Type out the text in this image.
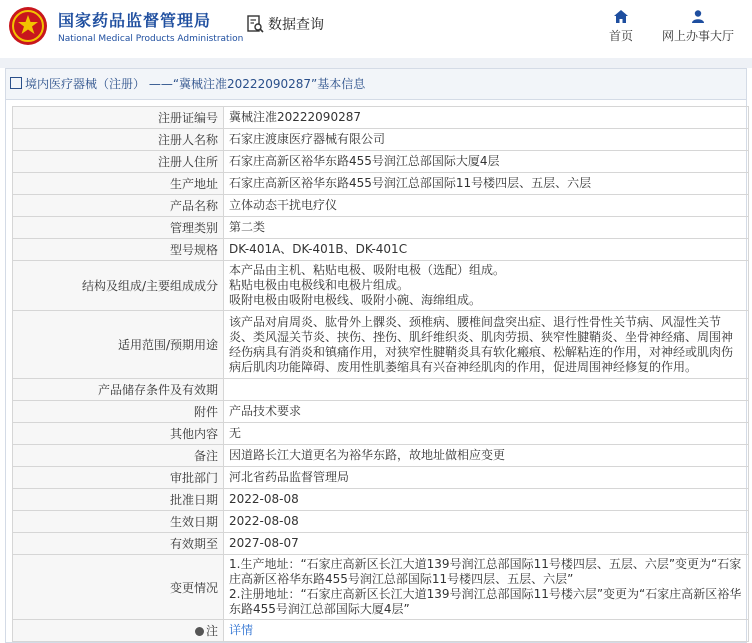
国家药品监督管理局
National Medical Products Administration
数据查询
首页	网上办事大厅
境内医疗器械（注册） ——“冀械注准20222090287”基本信息
注册证编号	冀械注准20222090287
注册人名称	石家庄渡康医疗器械有限公司
注册人住所	石家庄高新区裕华东路455号润江总部国际大厦4层
生产地址	石家庄高新区裕华东路455号润江总部国际11号楼四层、五层、六层
产品名称	立体动态干扰电疗仪
管理类别	第二类
型号规格	DK-401A、DK-401B、DK-401C
结构及组成/主要组成成分	本产品由主机、粘贴电极、吸附电极（选配）组成。
粘贴电极由电极线和电极片组成。
吸附电极由吸附电极线、吸附小碗、海绵组成。
适用范围/预期用途	该产品对肩周炎、肱骨外上髁炎、颈椎病、腰椎间盘突出症、退行性骨性关节病、风湿性关节炎、类风湿关节炎、挟伤、挫伤、肌纤维织炎、肌肉劳损、狭窄性腱鞘炎、坐骨神经痛、周围神经伤病具有消炎和镇痛作用，对狭窄性腱鞘炎具有软化瘢痕、松解粘连的作用，对神经或肌肉伤病后肌肉功能障碍、废用性肌萎缩具有兴奋神经肌肉的作用，促进周围神经修复的作用。
产品储存条件及有效期	
附件	产品技术要求
其他内容	无
备注	因道路长江大道更名为裕华东路，故地址做相应变更
审批部门	河北省药品监督管理局
批准日期	2022-08-08
生效日期	2022-08-08
有效期至	2027-08-07
变更情况	1.生产地址：“石家庄高新区长江大道139号润江总部国际11号楼四层、五层、六层”变更为“石家庄高新区裕华东路455号润江总部国际11号楼四层、五层、六层”
2.注册地址：“石家庄高新区长江大道139号润江总部国际11号楼六层”变更为“石家庄高新区裕华东路455号润江总部国际大厦4层”
注	详情
